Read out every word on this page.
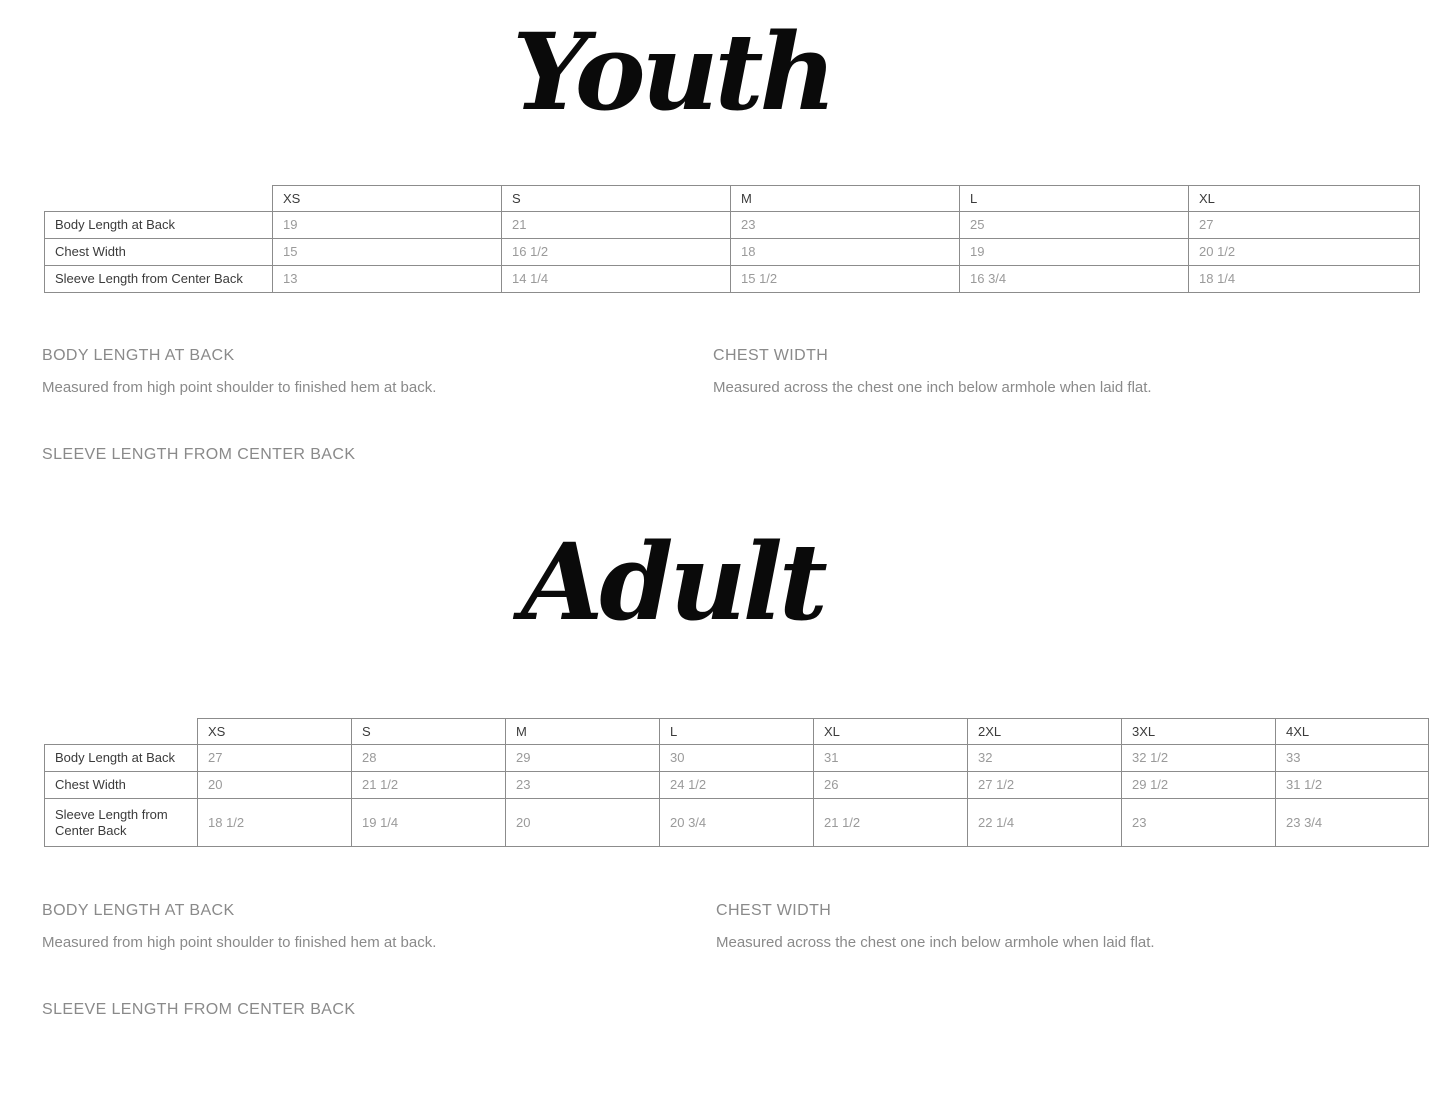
Youth
	XS	S	M	L	XL
Body Length at Back	19	21	23	25	27
Chest Width	15	16 1/2	18	19	20 1/2
Sleeve Length from Center Back	13	14 1/4	15 1/2	16 3/4	18 1/4
BODY LENGTH AT BACK
Measured from high point shoulder to finished hem at back.
CHEST WIDTH
Measured across the chest one inch below armhole when laid flat.
SLEEVE LENGTH FROM CENTER BACK
Adult
	XS	S	M	L	XL	2XL	3XL	4XL
Body Length at Back	27	28	29	30	31	32	32 1/2	33
Chest Width	20	21 1/2	23	24 1/2	26	27 1/2	29 1/2	31 1/2
Sleeve Length from Center Back	18 1/2	19 1/4	20	20 3/4	21 1/2	22 1/4	23	23 3/4
BODY LENGTH AT BACK
Measured from high point shoulder to finished hem at back.
CHEST WIDTH
Measured across the chest one inch below armhole when laid flat.
SLEEVE LENGTH FROM CENTER BACK
